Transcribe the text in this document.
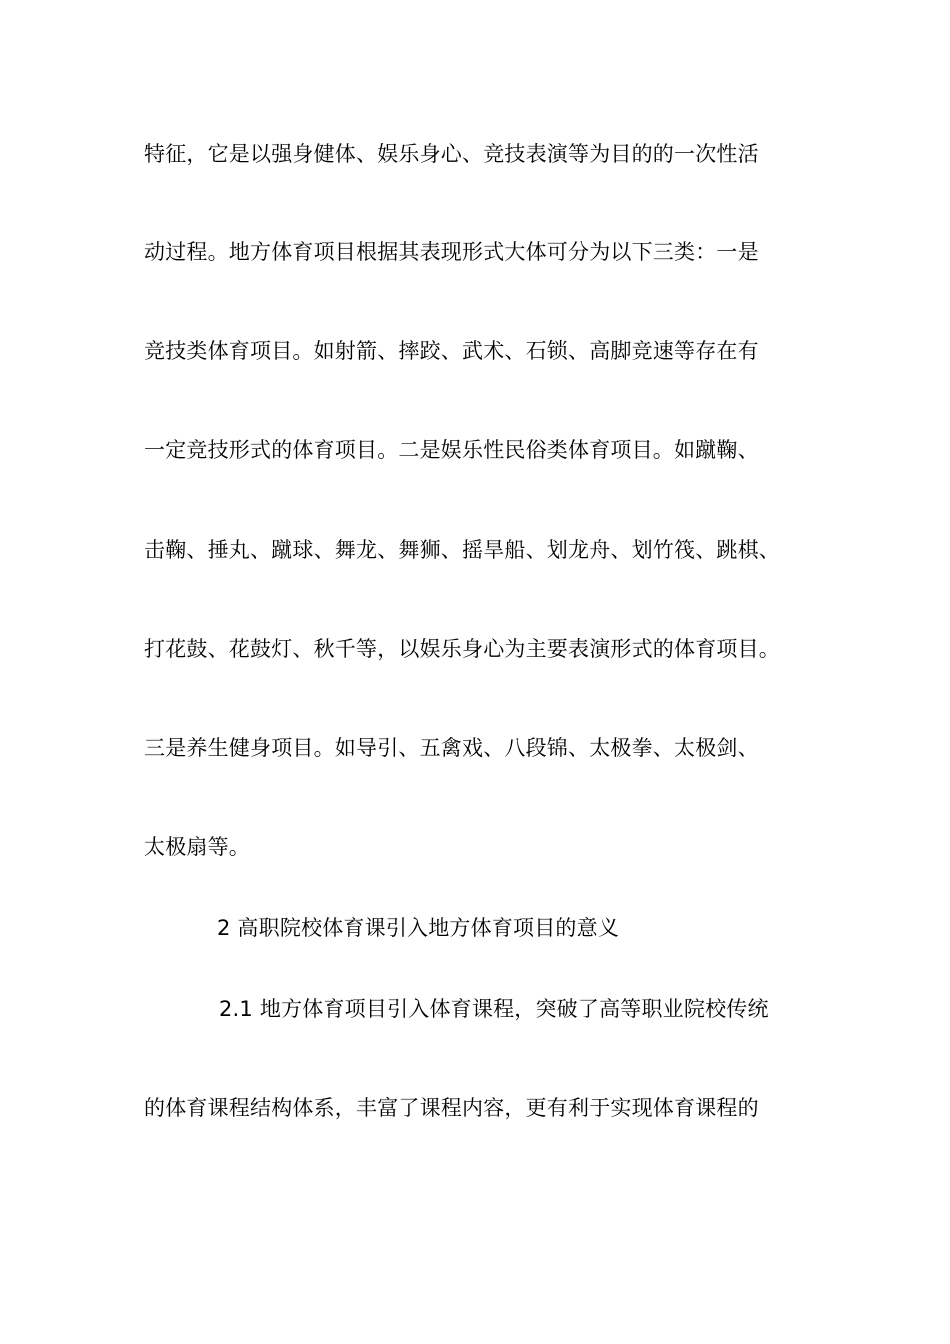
特征，它是以强身健体、娱乐身心、竞技表演等为目的的一次性活
动过程。地方体育项目根据其表现形式大体可分为以下三类：一是
竞技类体育项目。如射箭、摔跤、武术、石锁、高脚竞速等存在有
一定竞技形式的体育项目。二是娱乐性民俗类体育项目。如蹴鞠、
击鞠、捶丸、蹴球、舞龙、舞狮、摇旱船、划龙舟、划竹筏、跳棋、
打花鼓、花鼓灯、秋千等，以娱乐身心为主要表演形式的体育项目。
三是养生健身项目。如导引、五禽戏、八段锦、太极拳、太极剑、
太极扇等。
2 高职院校体育课引入地方体育项目的意义
2.1 地方体育项目引入体育课程，突破了高等职业院校传统
的体育课程结构体系，丰富了课程内容，更有利于实现体育课程的
